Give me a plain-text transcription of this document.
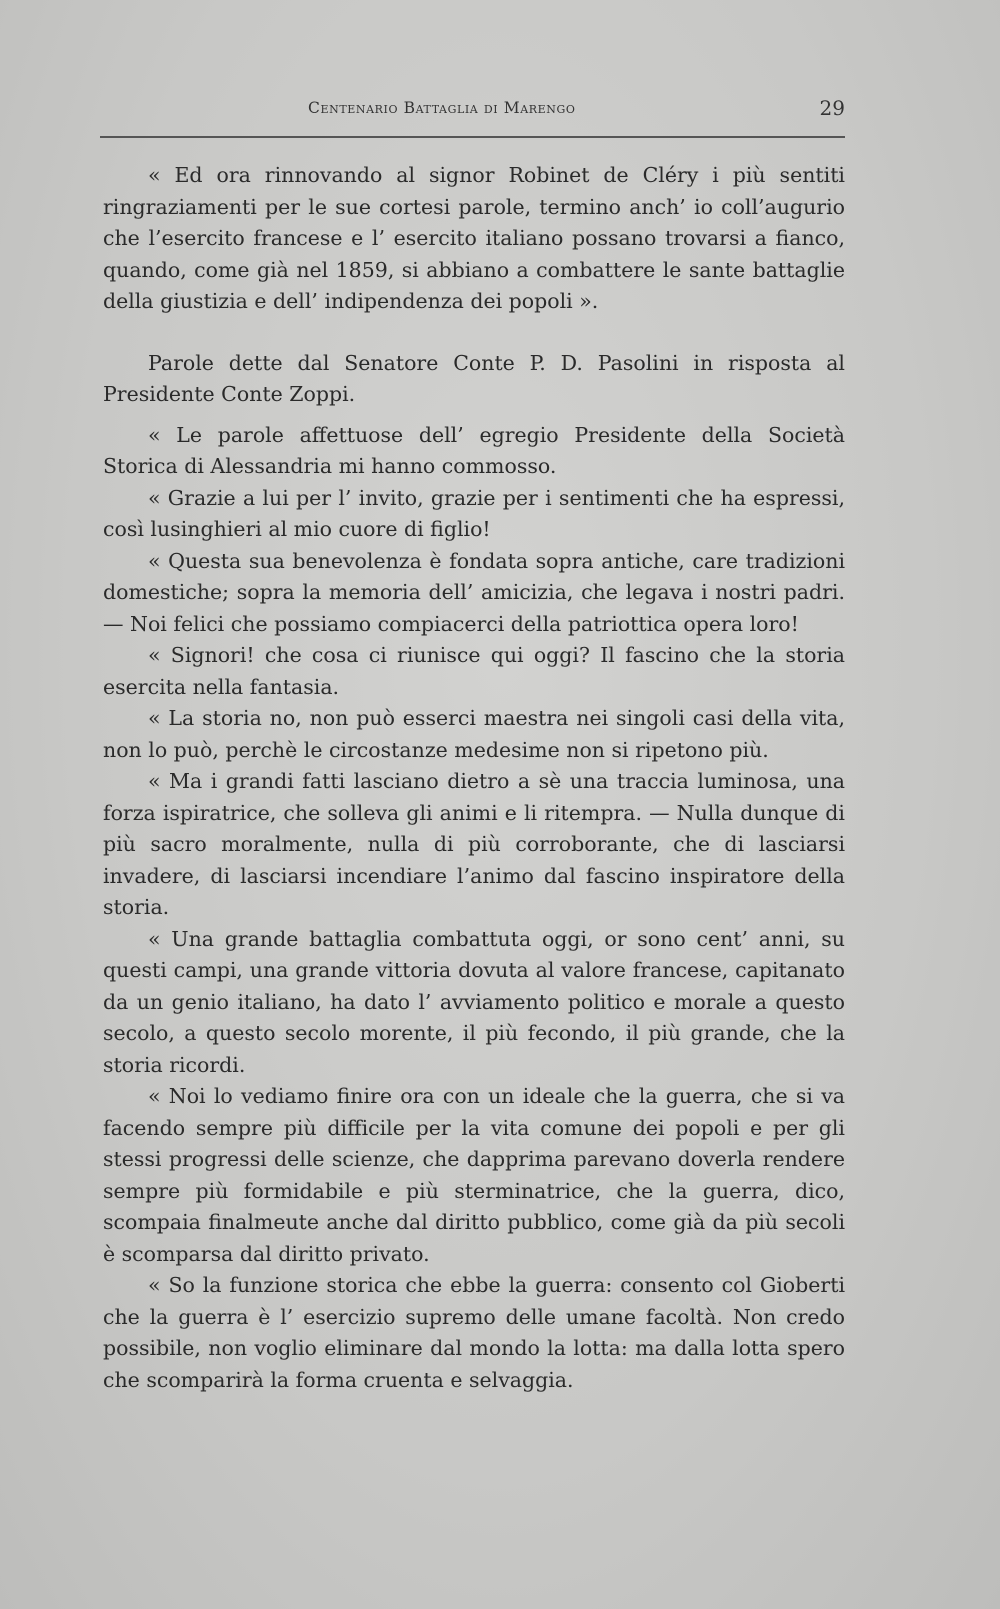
Centenario Battaglia di Marengo	29

« Ed ora rinnovando al signor Robinet de Cléry i più sentiti ringraziamenti per le sue cortesi parole, termino anch’ io coll’augurio che l’esercito francese e l’ esercito italiano possano trovarsi a fianco, quando, come già nel 1859, si abbiano a combattere le sante battaglie della giustizia e dell’ indipendenza dei popoli ».

Parole dette dal Senatore Conte P. D. Pasolini in risposta al Presidente Conte Zoppi.

« Le parole affettuose dell’ egregio Presidente della Società Storica di Alessandria mi hanno commosso.

« Grazie a lui per l’ invito, grazie per i sentimenti che ha espressi, così lusinghieri al mio cuore di figlio!

« Questa sua benevolenza è fondata sopra antiche, care tradizioni domestiche; sopra la memoria dell’ amicizia, che legava i nostri padri. — Noi felici che possiamo compiacerci della patriottica opera loro!

« Signori! che cosa ci riunisce qui oggi? Il fascino che la storia esercita nella fantasia.

« La storia no, non può esserci maestra nei singoli casi della vita, non lo può, perchè le circostanze medesime non si ripetono più.

« Ma i grandi fatti lasciano dietro a sè una traccia luminosa, una forza ispiratrice, che solleva gli animi e li ritempra. — Nulla dunque di più sacro moralmente, nulla di più corroborante, che di lasciarsi invadere, di lasciarsi incendiare l’animo dal fascino inspiratore della storia.

« Una grande battaglia combattuta oggi, or sono cent’ anni, su questi campi, una grande vittoria dovuta al valore francese, capitanato da un genio italiano, ha dato l’ avviamento politico e morale a questo secolo, a questo secolo morente, il più fecondo, il più grande, che la storia ricordi.

« Noi lo vediamo finire ora con un ideale che la guerra, che si va facendo sempre più difficile per la vita comune dei popoli e per gli stessi progressi delle scienze, che dapprima parevano doverla rendere sempre più formidabile e più sterminatrice, che la guerra, dico, scompaia finalmeute anche dal diritto pubblico, come già da più secoli è scomparsa dal diritto privato.

« So la funzione storica che ebbe la guerra: consento col Gioberti che la guerra è l’ esercizio supremo delle umane facoltà. Non credo possibile, non voglio eliminare dal mondo la lotta: ma dalla lotta spero che scomparirà la forma cruenta e selvaggia.
